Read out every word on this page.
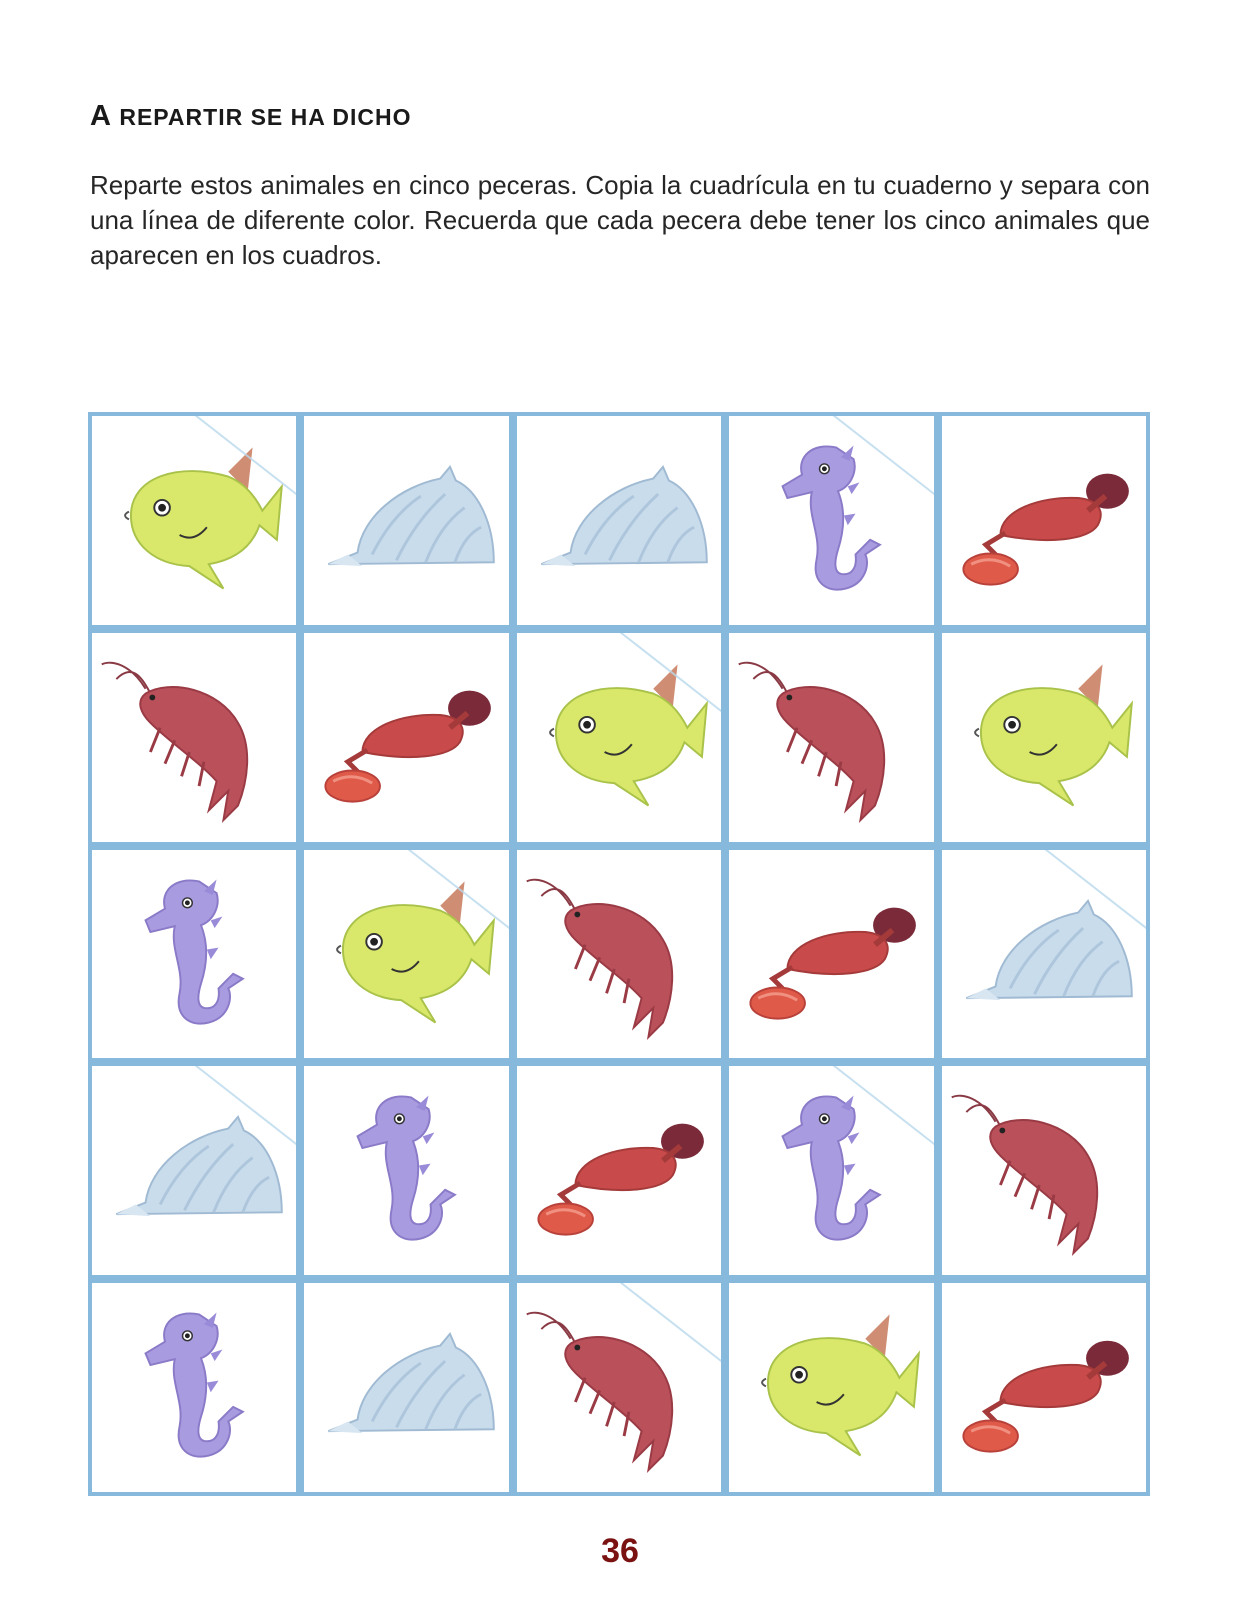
A REPARTIR SE HA DICHO

Reparte estos animales en cinco peceras. Copia la cuadrícula en tu cuaderno y separa con una línea de diferente color. Recuerda que cada pecera debe tener los cinco animales que aparecen en los cuadros.

36
